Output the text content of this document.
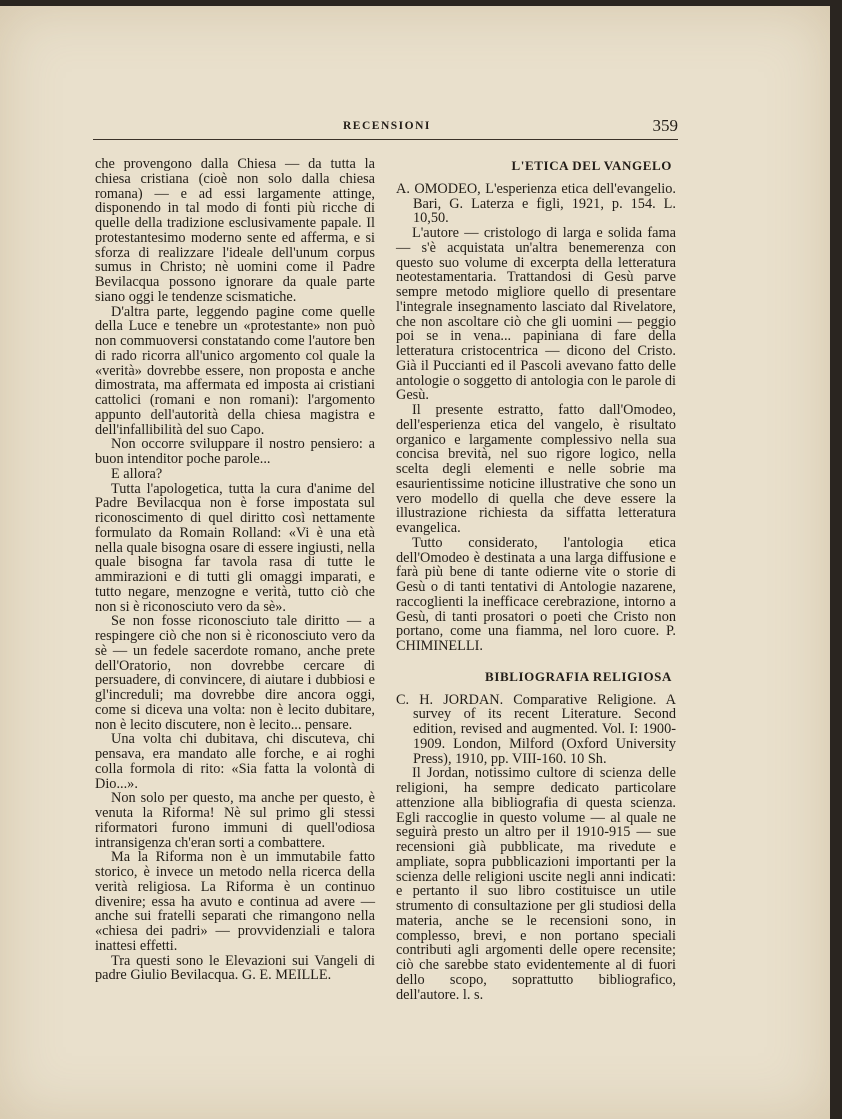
RECENSIONI	359

che provengono dalla Chiesa — da tutta la chiesa cristiana (cioè non solo dalla chiesa romana) — e ad essi largamente attinge, disponendo in tal modo di fonti più ricche di quelle della tradizione esclusivamente papale. Il protestantesimo moderno sente ed afferma, e si sforza di realizzare l'ideale dell'unum corpus sumus in Christo; nè uomini come il Padre Bevilacqua possono ignorare da quale parte siano oggi le tendenze scismatiche.

D'altra parte, leggendo pagine come quelle della Luce e tenebre un «protestante» non può non commuoversi constatando come l'autore ben di rado ricorra all'unico argomento col quale la «verità» dovrebbe essere, non proposta e anche dimostrata, ma affermata ed imposta ai cristiani cattolici (romani e non romani): l'argomento appunto dell'autorità della chiesa magistra e dell'infallibilità del suo Capo.

Non occorre sviluppare il nostro pensiero: a buon intenditor poche parole...

E allora?

Tutta l'apologetica, tutta la cura d'anime del Padre Bevilacqua non è forse impostata sul riconoscimento di quel diritto così nettamente formulato da Romain Rolland: «Vi è una età nella quale bisogna osare di essere ingiusti, nella quale bisogna far tavola rasa di tutte le ammirazioni e di tutti gli omaggi imparati, e tutto negare, menzogne e verità, tutto ciò che non si è riconosciuto vero da sè».

Se non fosse riconosciuto tale diritto — a respingere ciò che non si è riconosciuto vero da sè — un fedele sacerdote romano, anche prete dell'Oratorio, non dovrebbe cercare di persuadere, di convincere, di aiutare i dubbiosi e gl'increduli; ma dovrebbe dire ancora oggi, come si diceva una volta: non è lecito dubitare, non è lecito discutere, non è lecito... pensare.

Una volta chi dubitava, chi discuteva, chi pensava, era mandato alle forche, e ai roghi colla formola di rito: «Sia fatta la volontà di Dio...».

Non solo per questo, ma anche per questo, è venuta la Riforma! Nè sul primo gli stessi riformatori furono immuni di quell'odiosa intransigenza ch'eran sorti a combattere.

Ma la Riforma non è un immutabile fatto storico, è invece un metodo nella ricerca della verità religiosa. La Riforma è un continuo divenire; essa ha avuto e continua ad avere — anche sui fratelli separati che rimangono nella «chiesa dei padri» — provvidenziali e talora inattesi effetti.

Tra questi sono le Elevazioni sui Vangeli di padre Giulio Bevilacqua. G. E. MEILLE.

L'ETICA DEL VANGELO

A. OMODEO, L'esperienza etica dell'evangelio. Bari, G. Laterza e figli, 1921, p. 154. L. 10,50.

L'autore — cristologo di larga e solida fama — s'è acquistata un'altra benemerenza con questo suo volume di excerpta della letteratura neotestamentaria. Trattandosi di Gesù parve sempre metodo migliore quello di presentare l'integrale insegnamento lasciato dal Rivelatore, che non ascoltare ciò che gli uomini — peggio poi se in vena... papiniana di fare della letteratura cristocentrica — dicono del Cristo. Già il Puccianti ed il Pascoli avevano fatto delle antologie o soggetto di antologia con le parole di Gesù.

Il presente estratto, fatto dall'Omodeo, dell'esperienza etica del vangelo, è risultato organico e largamente complessivo nella sua concisa brevità, nel suo rigore logico, nella scelta degli elementi e nelle sobrie ma esaurientissime noticine illustrative che sono un vero modello di quella che deve essere la illustrazione richiesta da siffatta letteratura evangelica.

Tutto considerato, l'antologia etica dell'Omodeo è destinata a una larga diffusione e farà più bene di tante odierne vite o storie di Gesù o di tanti tentativi di Antologie nazarene, raccoglienti la inefficace cerebrazione, intorno a Gesù, di tanti prosatori o poeti che Cristo non portano, come una fiamma, nel loro cuore. P. CHIMINELLI.

BIBLIOGRAFIA RELIGIOSA

C. H. JORDAN. Comparative Religione. A survey of its recent Literature. Second edition, revised and augmented. Vol. I: 1900-1909. London, Milford (Oxford University Press), 1910, pp. VIII-160. 10 Sh.

Il Jordan, notissimo cultore di scienza delle religioni, ha sempre dedicato particolare attenzione alla bibliografia di questa scienza. Egli raccoglie in questo volume — al quale ne seguirà presto un altro per il 1910-915 — sue recensioni già pubblicate, ma rivedute e ampliate, sopra pubblicazioni importanti per la scienza delle religioni uscite negli anni indicati: e pertanto il suo libro costituisce un utile strumento di consultazione per gli studiosi della materia, anche se le recensioni sono, in complesso, brevi, e non portano speciali contributi agli argomenti delle opere recensite; ciò che sarebbe stato evidentemente al di fuori dello scopo, soprattutto bibliografico, dell'autore. l. s.
